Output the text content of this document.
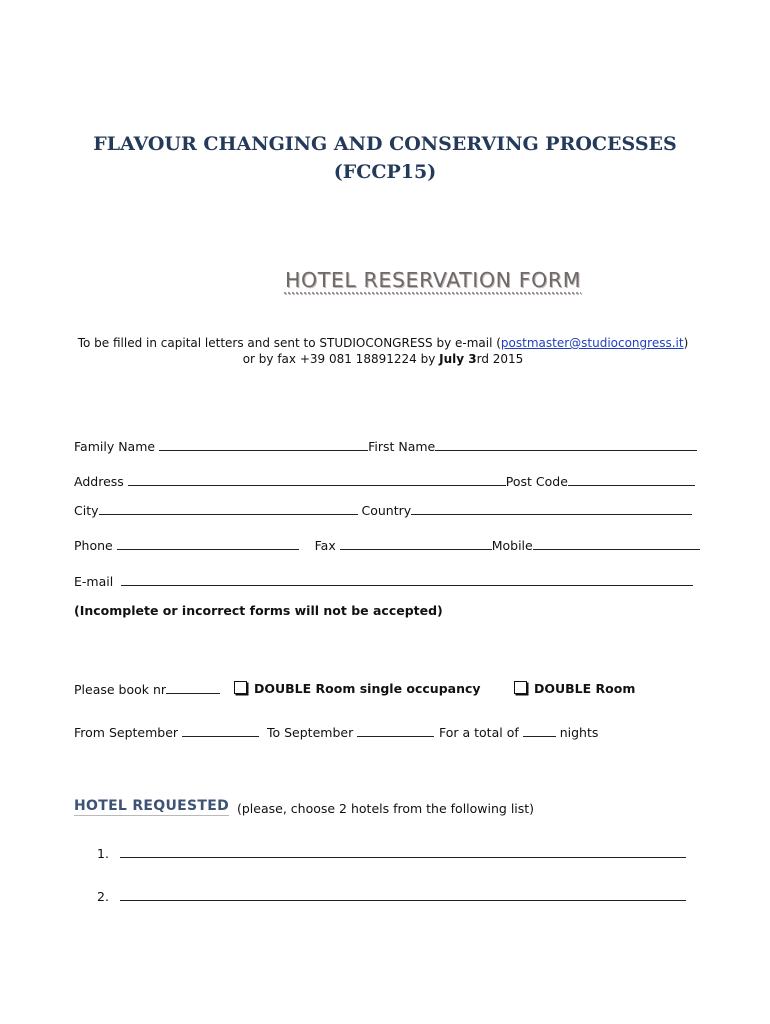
FLAVOUR CHANGING AND CONSERVING PROCESSES
(FCCP15)
HOTEL RESERVATION FORM
To be filled in capital letters and sent to STUDIOCONGRESS by e-mail (postmaster@studiocongress.it)
or by fax +39 081 18891224 by July 3rd 2015
Family Name	First Name
Address	Post Code
City	Country
Phone	Fax	Mobile
E-mail
(Incomplete or incorrect forms will not be accepted)
Please book nr	DOUBLE Room single occupancy	DOUBLE Room
From September	To September	For a total of	nights
HOTEL REQUESTED (please, choose 2 hotels from the following list)
1.
2.
